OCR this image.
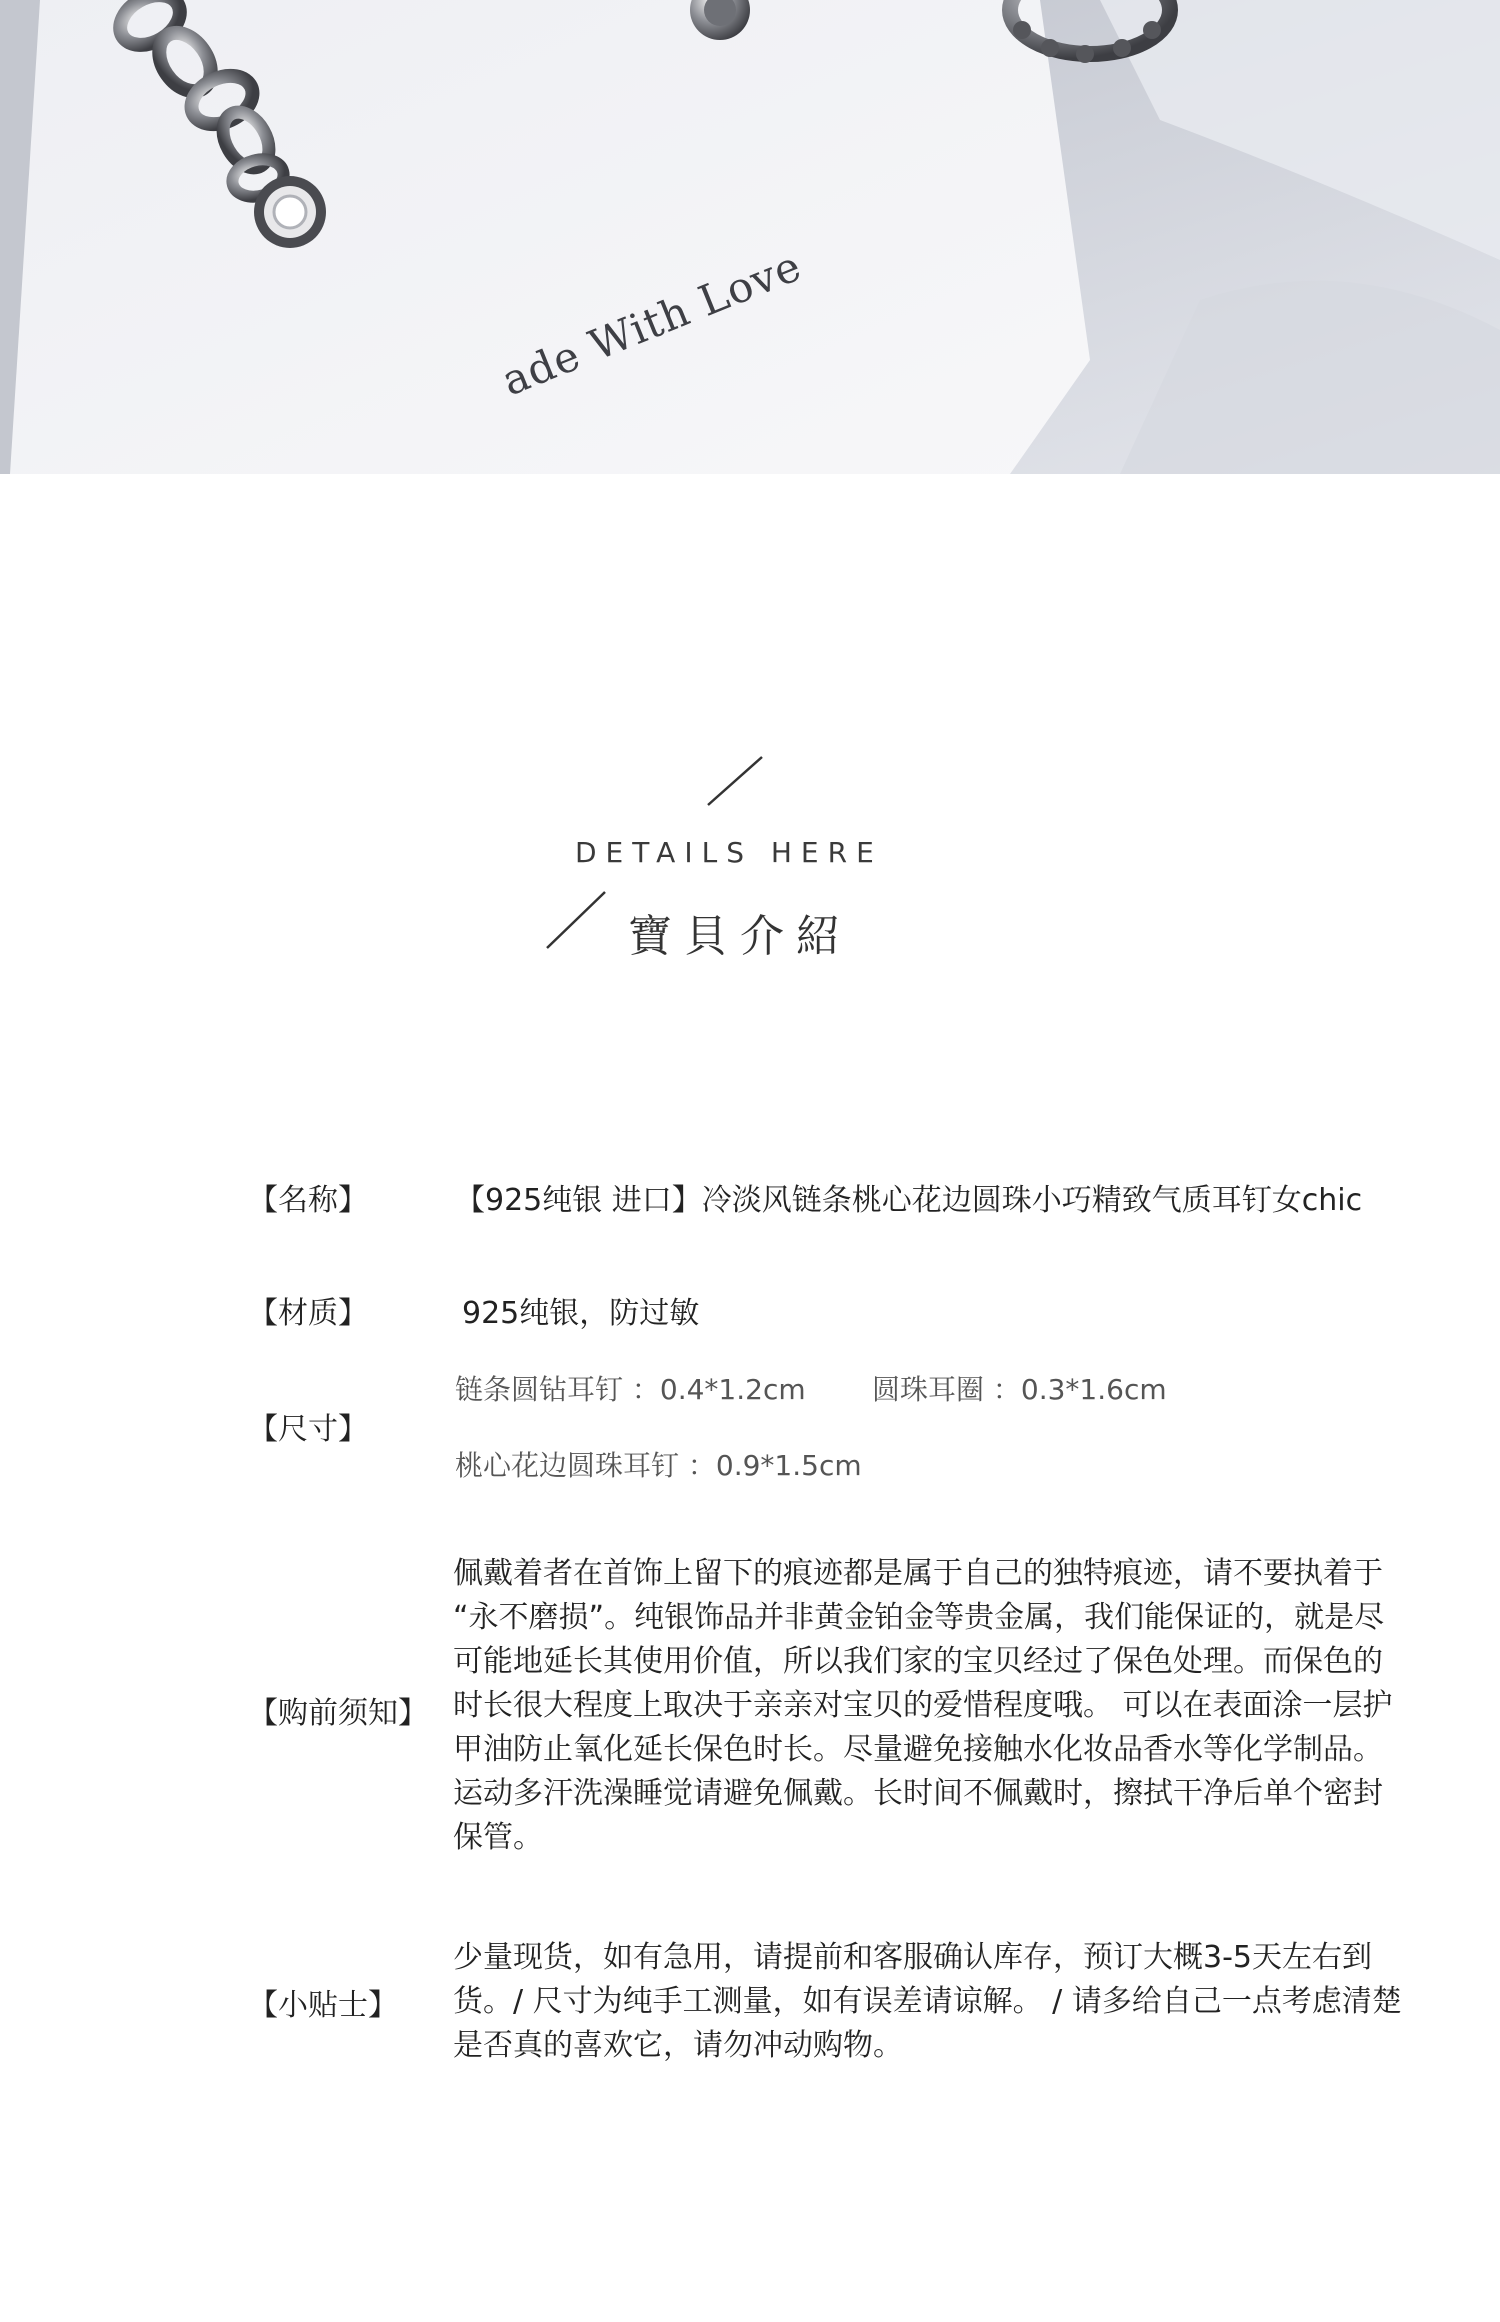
ade With Love
DETAILS HERE
寶貝介紹
【名称】	【925纯银 进口】冷淡风链条桃心花边圆珠小巧精致气质耳钉女chic
【材质】	925纯银，防过敏
【尺寸】
链条圆钻耳钉 ：0.4*1.2cm 圆珠耳圈 ：0.3*1.6cm
桃心花边圆珠耳钉 ：0.9*1.5cm
【购前须知】

佩戴着者在首饰上留下的痕迹都是属于自己的独特痕迹，请不要执着于

“永不磨损”。纯银饰品并非黄金铂金等贵金属，我们能保证的，就是尽

可能地延长其使用价值，所以我们家的宝贝经过了保色处理。而保色的

时长很大程度上取决于亲亲对宝贝的爱惜程度哦。 可以在表面涂一层护

甲油防止氧化延长保色时长。尽量避免接触水化妆品香水等化学制品。

运动多汗洗澡睡觉请避免佩戴。长时间不佩戴时，擦拭干净后单个密封

保管。

【小贴士】

少量现货，如有急用，请提前和客服确认库存，预订大概3-5天左右到

货。/ 尺寸为纯手工测量，如有误差请谅解。 / 请多给自己一点考虑清楚

是否真的喜欢它，请勿冲动购物。
